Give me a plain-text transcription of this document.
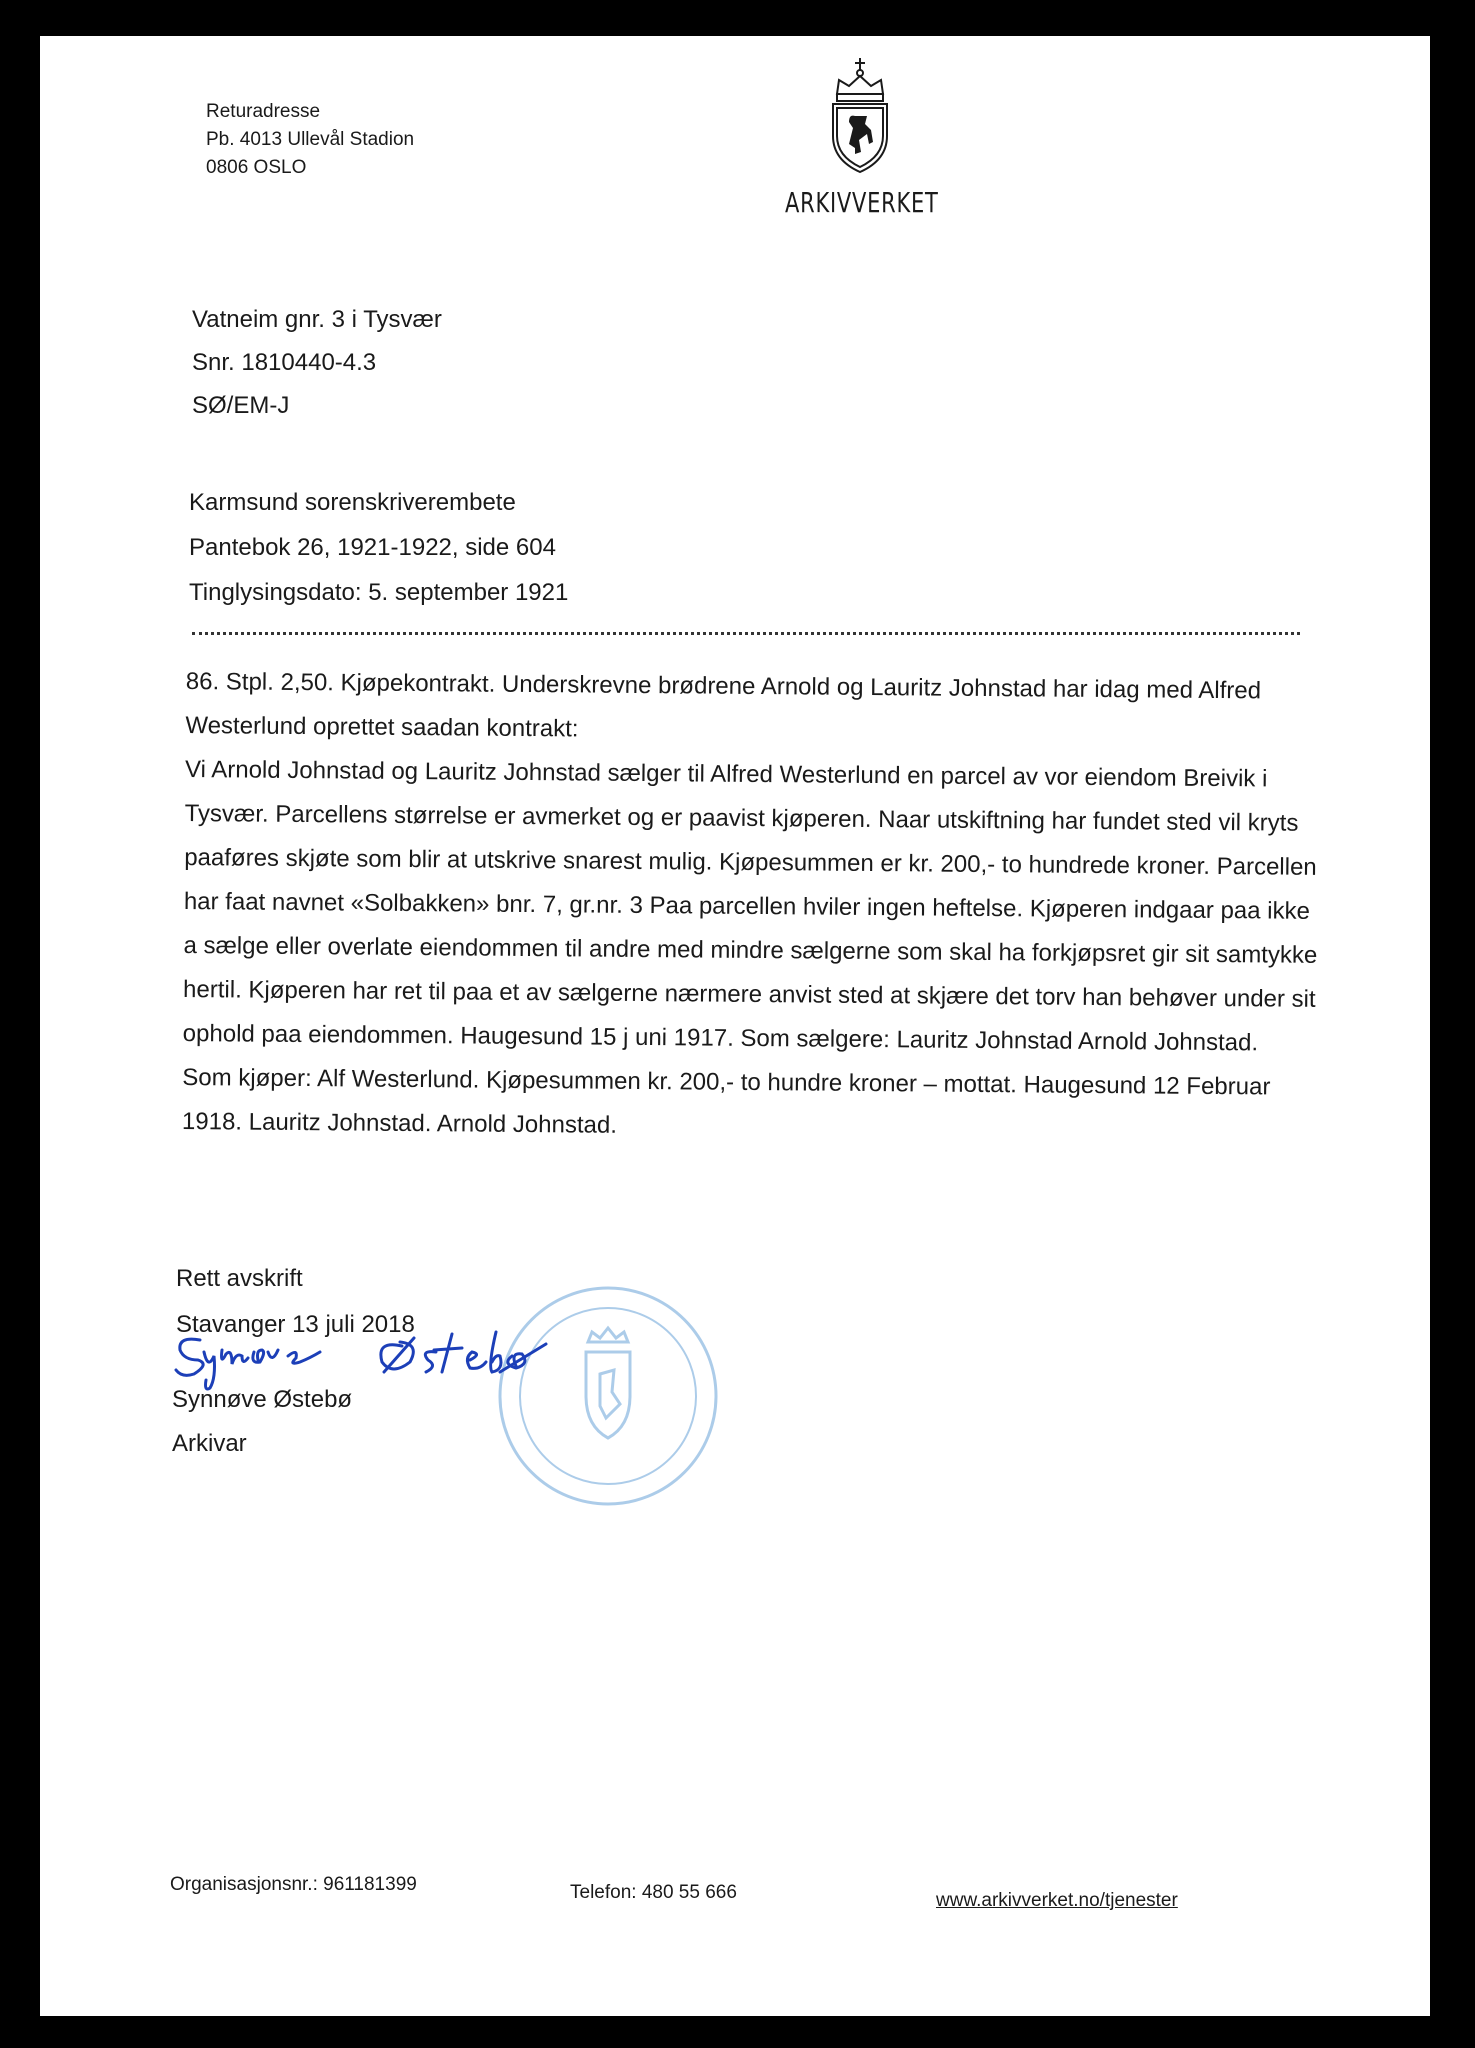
Returadresse
Pb. 4013 Ullevål Stadion
0806 OSLO
ARKIVVERKET
Vatneim gnr. 3 i Tysvær
Snr. 1810440-4.3
SØ/EM-J
Karmsund sorenskriverembete
Pantebok 26, 1921-1922, side 604
Tinglysingsdato: 5. september 1921
86. Stpl. 2,50. Kjøpekontrakt. Underskrevne brødrene Arnold og Lauritz Johnstad har idag med Alfred
Westerlund oprettet saadan kontrakt:
Vi Arnold Johnstad og Lauritz Johnstad sælger til Alfred Westerlund en parcel av vor eiendom Breivik i
Tysvær. Parcellens størrelse er avmerket og er paavist kjøperen. Naar utskiftning har fundet sted vil kryts
paaføres skjøte som blir at utskrive snarest mulig. Kjøpesummen er kr. 200,- to hundrede kroner. Parcellen
har faat navnet «Solbakken» bnr. 7, gr.nr. 3 Paa parcellen hviler ingen heftelse. Kjøperen indgaar paa ikke
a sælge eller overlate eiendommen til andre med mindre sælgerne som skal ha forkjøpsret gir sit samtykke
hertil. Kjøperen har ret til paa et av sælgerne nærmere anvist sted at skjære det torv han behøver under sit
ophold paa eiendommen. Haugesund 15 j uni 1917. Som sælgere: Lauritz Johnstad Arnold Johnstad.
Som kjøper: Alf Westerlund. Kjøpesummen kr. 200,- to hundre kroner – mottat. Haugesund 12 Februar
1918. Lauritz Johnstad. Arnold Johnstad.
Rett avskrift
Stavanger 13 juli 2018
Synnøve Østebø
Arkivar
Organisasjonsnr.: 961181399	Telefon: 480 55 666	www.arkivverket.no/tjenester
